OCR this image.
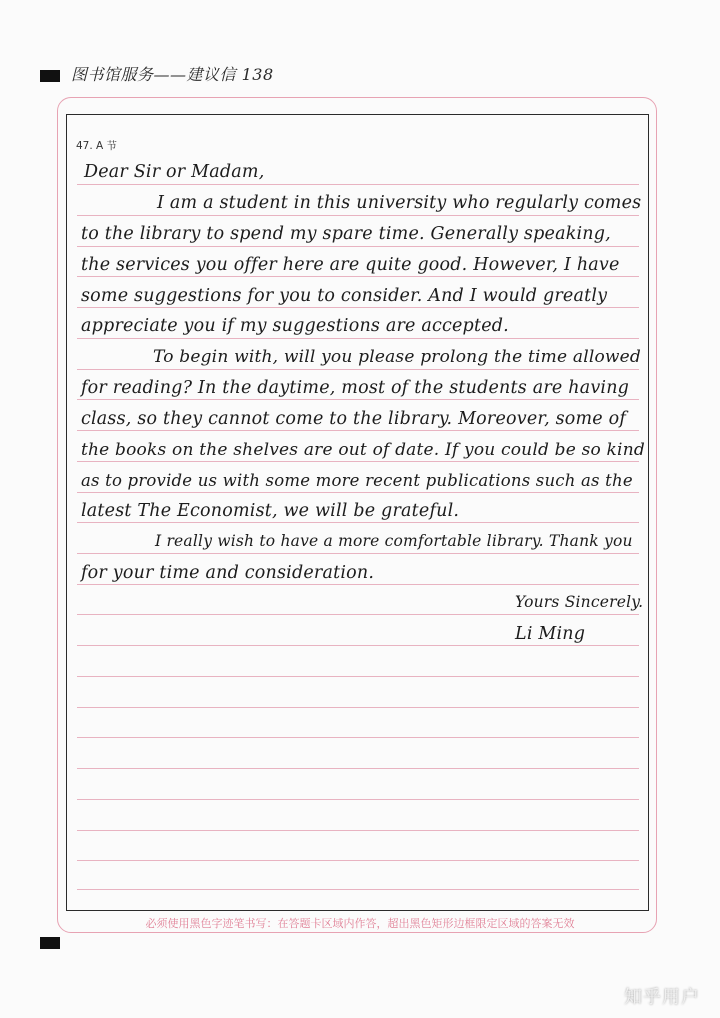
图书馆服务——建议信 138
47. A 节
Dear Sir or Madam,
I am a student in this university who regularly comes
to the library to spend my spare time. Generally speaking,
the services you offer here are quite good. However, I have
some suggestions for you to consider. And I would greatly
appreciate you if my suggestions are accepted.
To begin with, will you please prolong the time allowed
for reading? In the daytime, most of the students are having
class, so they cannot come to the library. Moreover, some of
the books on the shelves are out of date. If you could be so kind
as to provide us with some more recent publications such as the
latest The Economist, we will be grateful.
I really wish to have a more comfortable library. Thank you
for your time and consideration.
Yours Sincerely.
Li Ming
必须使用黑色字迹笔书写：在答题卡区域内作答，超出黑色矩形边框限定区域的答案无效
知乎用户
